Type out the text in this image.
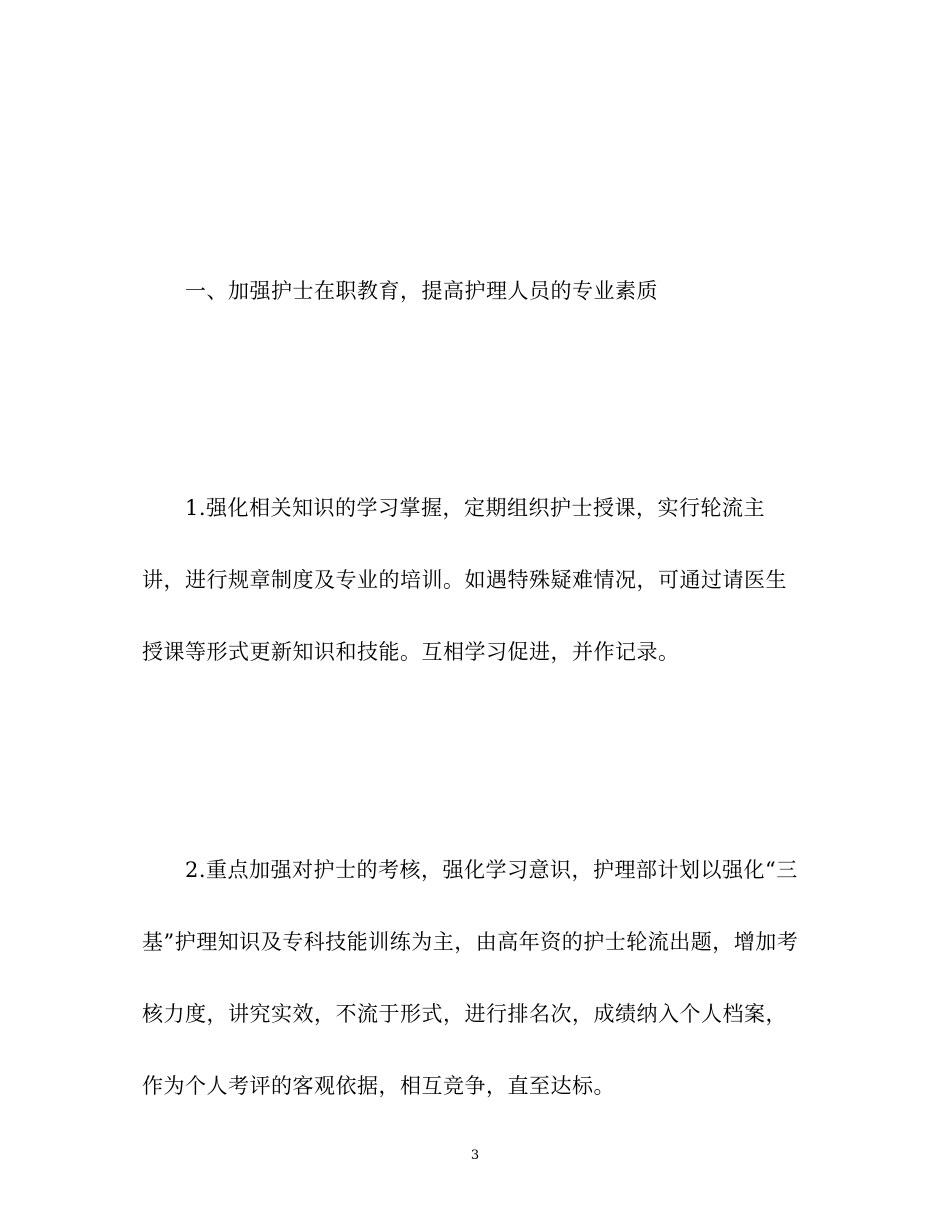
一、加强护士在职教育，提高护理人员的专业素质
1.强化相关知识的学习掌握，定期组织护士授课，实行轮流主
讲，进行规章制度及专业的培训。如遇特殊疑难情况，可通过请医生
授课等形式更新知识和技能。互相学习促进，并作记录。
2.重点加强对护士的考核，强化学习意识，护理部计划以强化“三
基”护理知识及专科技能训练为主，由高年资的护士轮流出题，增加考
核力度，讲究实效，不流于形式，进行排名次，成绩纳入个人档案，
作为个人考评的客观依据，相互竞争，直至达标。
3
